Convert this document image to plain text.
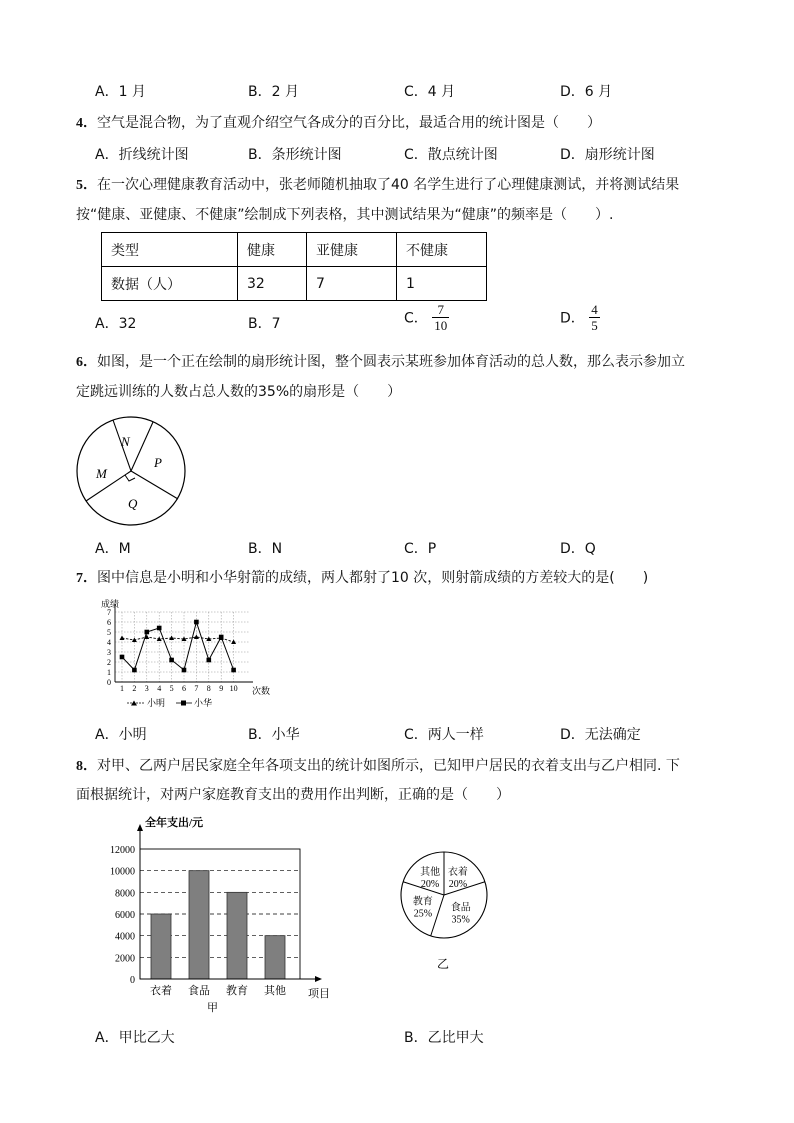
A．1 月	B．2 月	C．4 月	D．6 月
4．空气是混合物，为了直观介绍空气各成分的百分比，最适合用的统计图是（　　）
A．折线统计图	B．条形统计图	C．散点统计图	D．扇形统计图
5．在一次心理健康教育活动中，张老师随机抽取了40 名学生进行了心理健康测试，并将测试结果
按“健康、亚健康、不健康”绘制成下列表格，其中测试结果为“健康”的频率是（　　）.
类型	健康	亚健康	不健康
数据（人）	32	7	1
A．32	B．7	C． $\frac{7}{10}$	D． $\frac{4}{5}$
6．如图，是一个正在绘制的扇形统计图，整个圆表示某班参加体育活动的总人数，那么表示参加立
定跳远训练的人数占总人数的35%的扇形是（　　）
N
P
M
Q
A．M	B．N	C．P	D．Q
7．图中信息是小明和小华射箭的成绩，两人都射了10 次，则射箭成绩的方差较大的是(　　)
成绩
0
1
2
3
4
5
6
7
1 2 3 4 5 6 7 8 9 10 次数
小明	小华
A．小明	B．小华	C．两人一样	D．无法确定
8．对甲、乙两户居民家庭全年各项支出的统计如图所示，已知甲户居民的衣着支出与乙户相同. 下
面根据统计，对两户家庭教育支出的费用作出判断，正确的是（　　）
全年支出/元
0
2000
4000
6000
8000
10000
12000
衣着 食品 教育 其他 项目
甲
其他
20%
衣着
20%
食品
35%
教育
25%
乙
A．甲比乙大	B．乙比甲大
